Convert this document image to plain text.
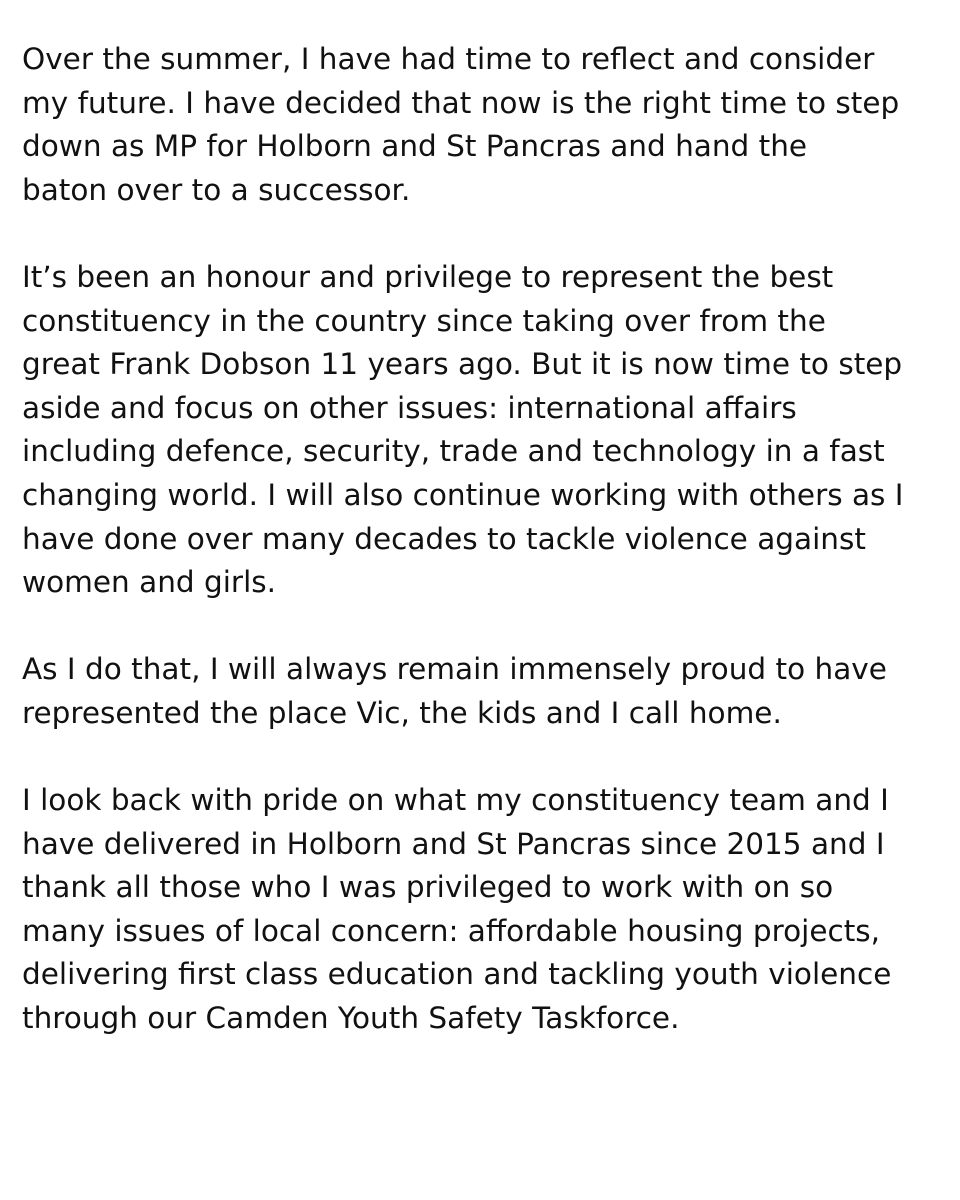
Over the summer, I have had time to reflect and consider
my future. I have decided that now is the right time to step
down as MP for Holborn and St Pancras and hand the
baton over to a successor.

It’s been an honour and privilege to represent the best
constituency in the country since taking over from the
great Frank Dobson 11 years ago. But it is now time to step
aside and focus on other issues: international affairs
including defence, security, trade and technology in a fast
changing world. I will also continue working with others as I
have done over many decades to tackle violence against
women and girls.

As I do that, I will always remain immensely proud to have
represented the place Vic, the kids and I call home.

I look back with pride on what my constituency team and I
have delivered in Holborn and St Pancras since 2015 and I
thank all those who I was privileged to work with on so
many issues of local concern: affordable housing projects,
delivering first class education and tackling youth violence
through our Camden Youth Safety Taskforce.
